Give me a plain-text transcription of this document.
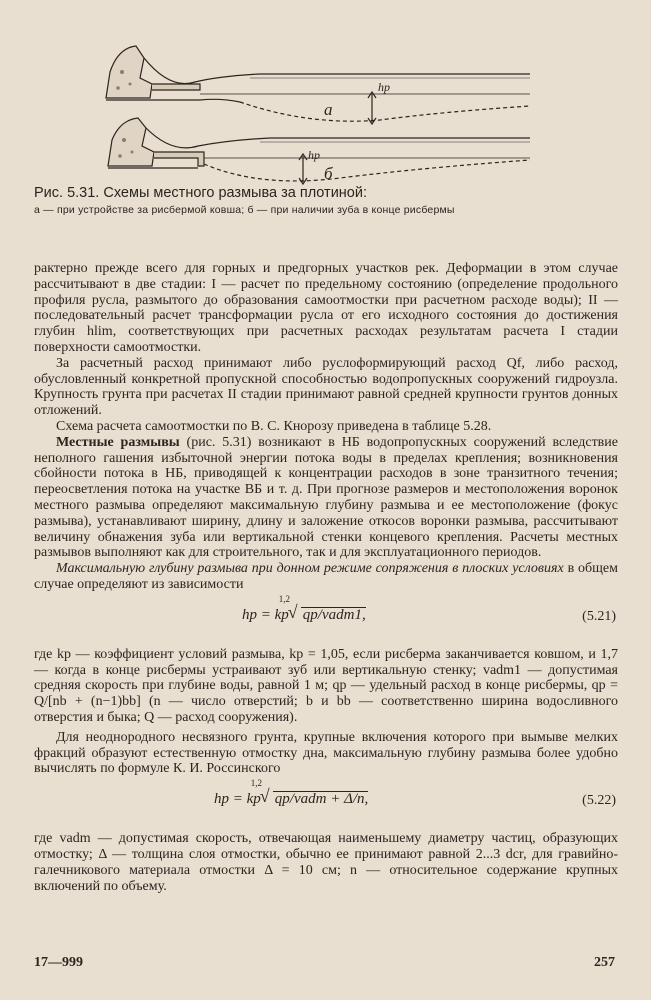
а
б
hp
hp
Рис. 5.31. Схемы местного размыва за плотиной:
а — при устройстве за рисбермой ковша; б — при наличии зуба в конце рисбермы

рактерно прежде всего для горных и предгорных участков рек. Деформации в этом случае рассчитывают в две стадии: I — расчет по предельному состоянию (определение продольного профиля русла, размытого до образования самоотмостки при расчетном расходе воды); II — последовательный расчет трансформации русла от его исходного состояния до достижения глубин hlim, соответствующих при расчетных расходах результатам расчета I стадии поверхности самоотмостки.

За расчетный расход принимают либо руслоформирующий расход Qf, либо расход, обусловленный конкретной пропускной способностью водопропускных сооружений гидроузла. Крупность грунта при расчетах II стадии принимают равной средней крупности грунтов донных отложений.

Схема расчета самоотмостки по В. С. Кнорозу приведена в таблице 5.28.

Местные размывы (рис. 5.31) возникают в НБ водопропускных сооружений вследствие неполного гашения избыточной энергии потока воды в пределах крепления; возникновения сбойности потока в НБ, приводящей к концентрации расходов в зоне транзитного течения; переосветления потока на участке ВБ и т. д. При прогнозе размеров и местоположения воронок местного размыва определяют максимальную глубину размыва и ее местоположение (фокус размыва), устанавливают ширину, длину и заложение откосов воронки размыва, рассчитывают величину обнажения зуба или вертикальной стенки концевого крепления. Расчеты местных размывов выполняют как для строительного, так и для эксплуатационного периодов.

Максимальную глубину размыва при донном режиме сопряжения в плоских условиях в общем случае определяют из зависимости

hp = kp
√ 1,2
qp/vadm1,	(5.21)

где kp — коэффициент условий размыва, kp = 1,05, если рисберма заканчивается ковшом, и 1,7 — когда в конце рисбермы устраивают зуб или вертикальную стенку; vadm1 — допустимая средняя скорость при глубине воды, равной 1 м; qp — удельный расход в конце рисбермы, qp = Q/[nb + (n−1)bb] (n — число отверстий; b и bb — соответственно ширина водосливного отверстия и быка; Q — расход сооружения).

Для неоднородного несвязного грунта, крупные включения которого при вымыве мелких фракций образуют естественную отмостку дна, максимальную глубину размыва более удобно вычислять по формуле К. И. Россинского

hp = kp
√ 1,2
qp/vadm + Δ/n,	(5.22)

где vadm — допустимая скорость, отвечающая наименьшему диаметру частиц, образующих отмостку; Δ — толщина слоя отмостки, обычно ее принимают равной 2...3 dcr, для гравийно-галечникового материала отмостки Δ = 10 см; n — относительное содержание крупных включений по объему.

17—999	257
